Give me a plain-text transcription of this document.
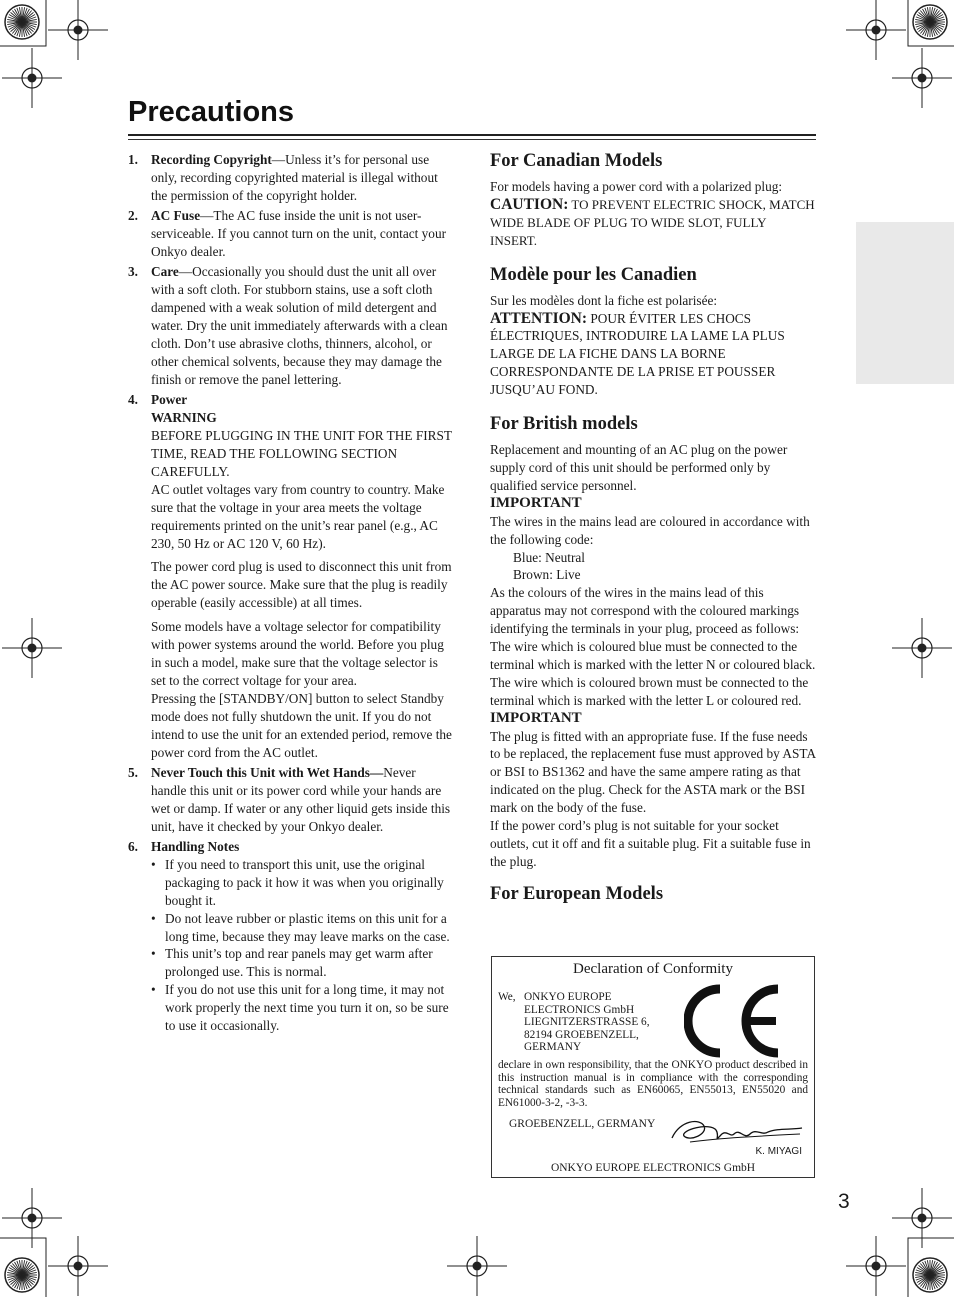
Precautions
3
1. Recording Copyright—Unless it’s for personal use only, recording copyrighted material is illegal without the permission of the copyright holder.
2. AC Fuse—The AC fuse inside the unit is not user-serviceable. If you cannot turn on the unit, contact your Onkyo dealer.
3. Care—Occasionally you should dust the unit all over with a soft cloth. For stubborn stains, use a soft cloth dampened with a weak solution of mild detergent and water. Dry the unit immediately afterwards with a clean cloth. Don’t use abrasive cloths, thinners, alcohol, or other chemical solvents, because they may damage the finish or remove the panel lettering.
4. Power
WARNING
BEFORE PLUGGING IN THE UNIT FOR THE FIRST TIME, READ THE FOLLOWING SECTION CAREFULLY.
AC outlet voltages vary from country to country. Make sure that the voltage in your area meets the voltage requirements printed on the unit’s rear panel (e.g., AC 230, 50 Hz or AC 120 V, 60 Hz).

The power cord plug is used to disconnect this unit from the AC power source. Make sure that the plug is readily operable (easily accessible) at all times.

Some models have a voltage selector for compatibility with power systems around the world. Before you plug in such a model, make sure that the voltage selector is set to the correct voltage for your area.

Pressing the [STANDBY/ON] button to select Standby mode does not fully shutdown the unit. If you do not intend to use the unit for an extended period, remove the power cord from the AC outlet.

5. Never Touch this Unit with Wet Hands—Never handle this unit or its power cord while your hands are wet or damp. If water or any other liquid gets inside this unit, have it checked by your Onkyo dealer.
6. Handling Notes
• If you need to transport this unit, use the original packaging to pack it how it was when you originally bought it.
• Do not leave rubber or plastic items on this unit for a long time, because they may leave marks on the case.
• This unit’s top and rear panels may get warm after prolonged use. This is normal.
• If you do not use this unit for a long time, it may not work properly the next time you turn it on, so be sure to use it occasionally.
For Canadian Models

For models having a power cord with a polarized plug:

CAUTION: TO PREVENT ELECTRIC SHOCK, MATCH WIDE BLADE OF PLUG TO WIDE SLOT, FULLY INSERT.

Modèle pour les Canadien

Sur les modèles dont la fiche est polarisée:

ATTENTION: POUR ÉVITER LES CHOCS ÉLECTRIQUES, INTRODUIRE LA LAME LA PLUS LARGE DE LA FICHE DANS LA BORNE CORRESPONDANTE DE LA PRISE ET POUSSER JUSQU’AU FOND.

For British models

Replacement and mounting of an AC plug on the power supply cord of this unit should be performed only by qualified service personnel.

IMPORTANT

The wires in the mains lead are coloured in accordance with the following code:

Blue: Neutral

Brown: Live

As the colours of the wires in the mains lead of this apparatus may not correspond with the coloured markings identifying the terminals in your plug, proceed as follows:

The wire which is coloured blue must be connected to the terminal which is marked with the letter N or coloured black.

The wire which is coloured brown must be connected to the terminal which is marked with the letter L or coloured red.

IMPORTANT

The plug is fitted with an appropriate fuse. If the fuse needs to be replaced, the replacement fuse must approved by ASTA or BSI to BS1362 and have the same ampere rating as that indicated on the plug. Check for the ASTA mark or the BSI mark on the body of the fuse.

If the power cord’s plug is not suitable for your socket outlets, cut it off and fit a suitable plug. Fit a suitable fuse in the plug.

For European Models
Declaration of Conformity
We, ONKYO EUROPE
ELECTRONICS GmbH
LIEGNITZERSTRASSE 6,
82194 GROEBENZELL,
GERMANY
declare in own responsibility, that the ONKYO product described in this instruction manual is in compliance with the corresponding technical standards such as EN60065, EN55013, EN55020 and EN61000-3-2, -3-3.
GROEBENZELL, GERMANY
K. MIYAGI
ONKYO EUROPE ELECTRONICS GmbH
